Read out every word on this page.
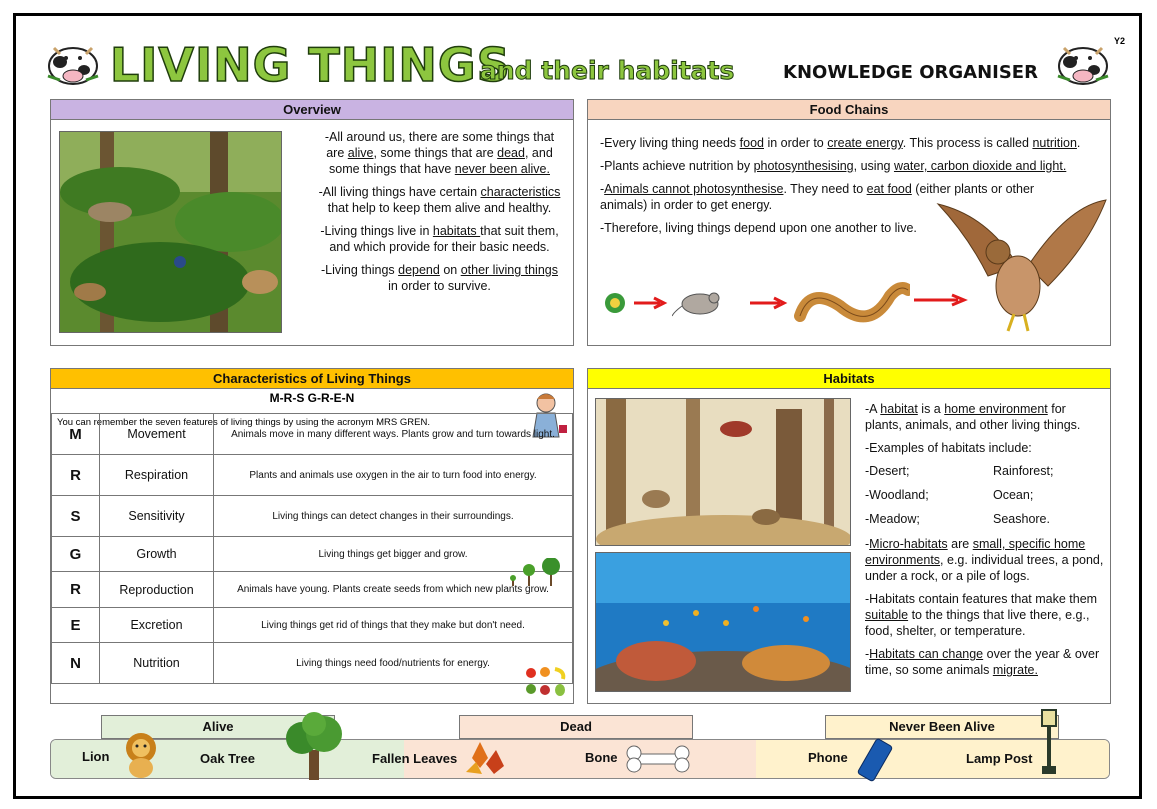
LIVING THINGS
and their habitats	KNOWLEDGE ORGANISER
Y2
Overview

-All around us, there are some things that are alive, some things that are dead, and some things that have never been alive.

-All living things have certain characteristics that help to keep them alive and healthy.

-Living things live in habitats that suit them, and which provide for their basic needs.

-Living things depend on other living things in order to survive.

Food Chains

-Every living thing needs food in order to create energy. This process is called nutrition.

-Plants achieve nutrition by photosynthesising, using water, carbon dioxide and light.

-Animals cannot photosynthesise. They need to eat food (either plants or other animals) in order to get energy.

-Therefore, living things depend upon one another to live.

Characteristics of Living Things
M-R-S G-R-E-N
You can remember the seven features of living things by using the acronym MRS GREN.
M	Movement	Animals move in many different ways. Plants grow and turn towards light.
R	Respiration	Plants and animals use oxygen in the air to turn food into energy.
S	Sensitivity	Living things can detect changes in their surroundings.
G	Growth	Living things get bigger and grow.
R	Reproduction	Animals have young. Plants create seeds from which new plants grow.
E	Excretion	Living things get rid of things that they make but don't need.
N	Nutrition	Living things need food/nutrients for energy.
Habitats

-A habitat is a home environment for plants, animals, and other living things.

-Examples of habitats include:

-Desert;	Rainforest;
-Woodland;	Ocean;
-Meadow;	Seashore.

-Micro-habitats are small, specific home environments, e.g. individual trees, a pond, under a rock, or a pile of logs.

-Habitats contain features that make them suitable to the things that live there, e.g., food, shelter, or temperature.

-Habitats can change over the year & over time, so some animals migrate.

Alive	Dead	Never Been Alive
Lion	Oak Tree	Fallen Leaves	Bone	Phone	Lamp Post
